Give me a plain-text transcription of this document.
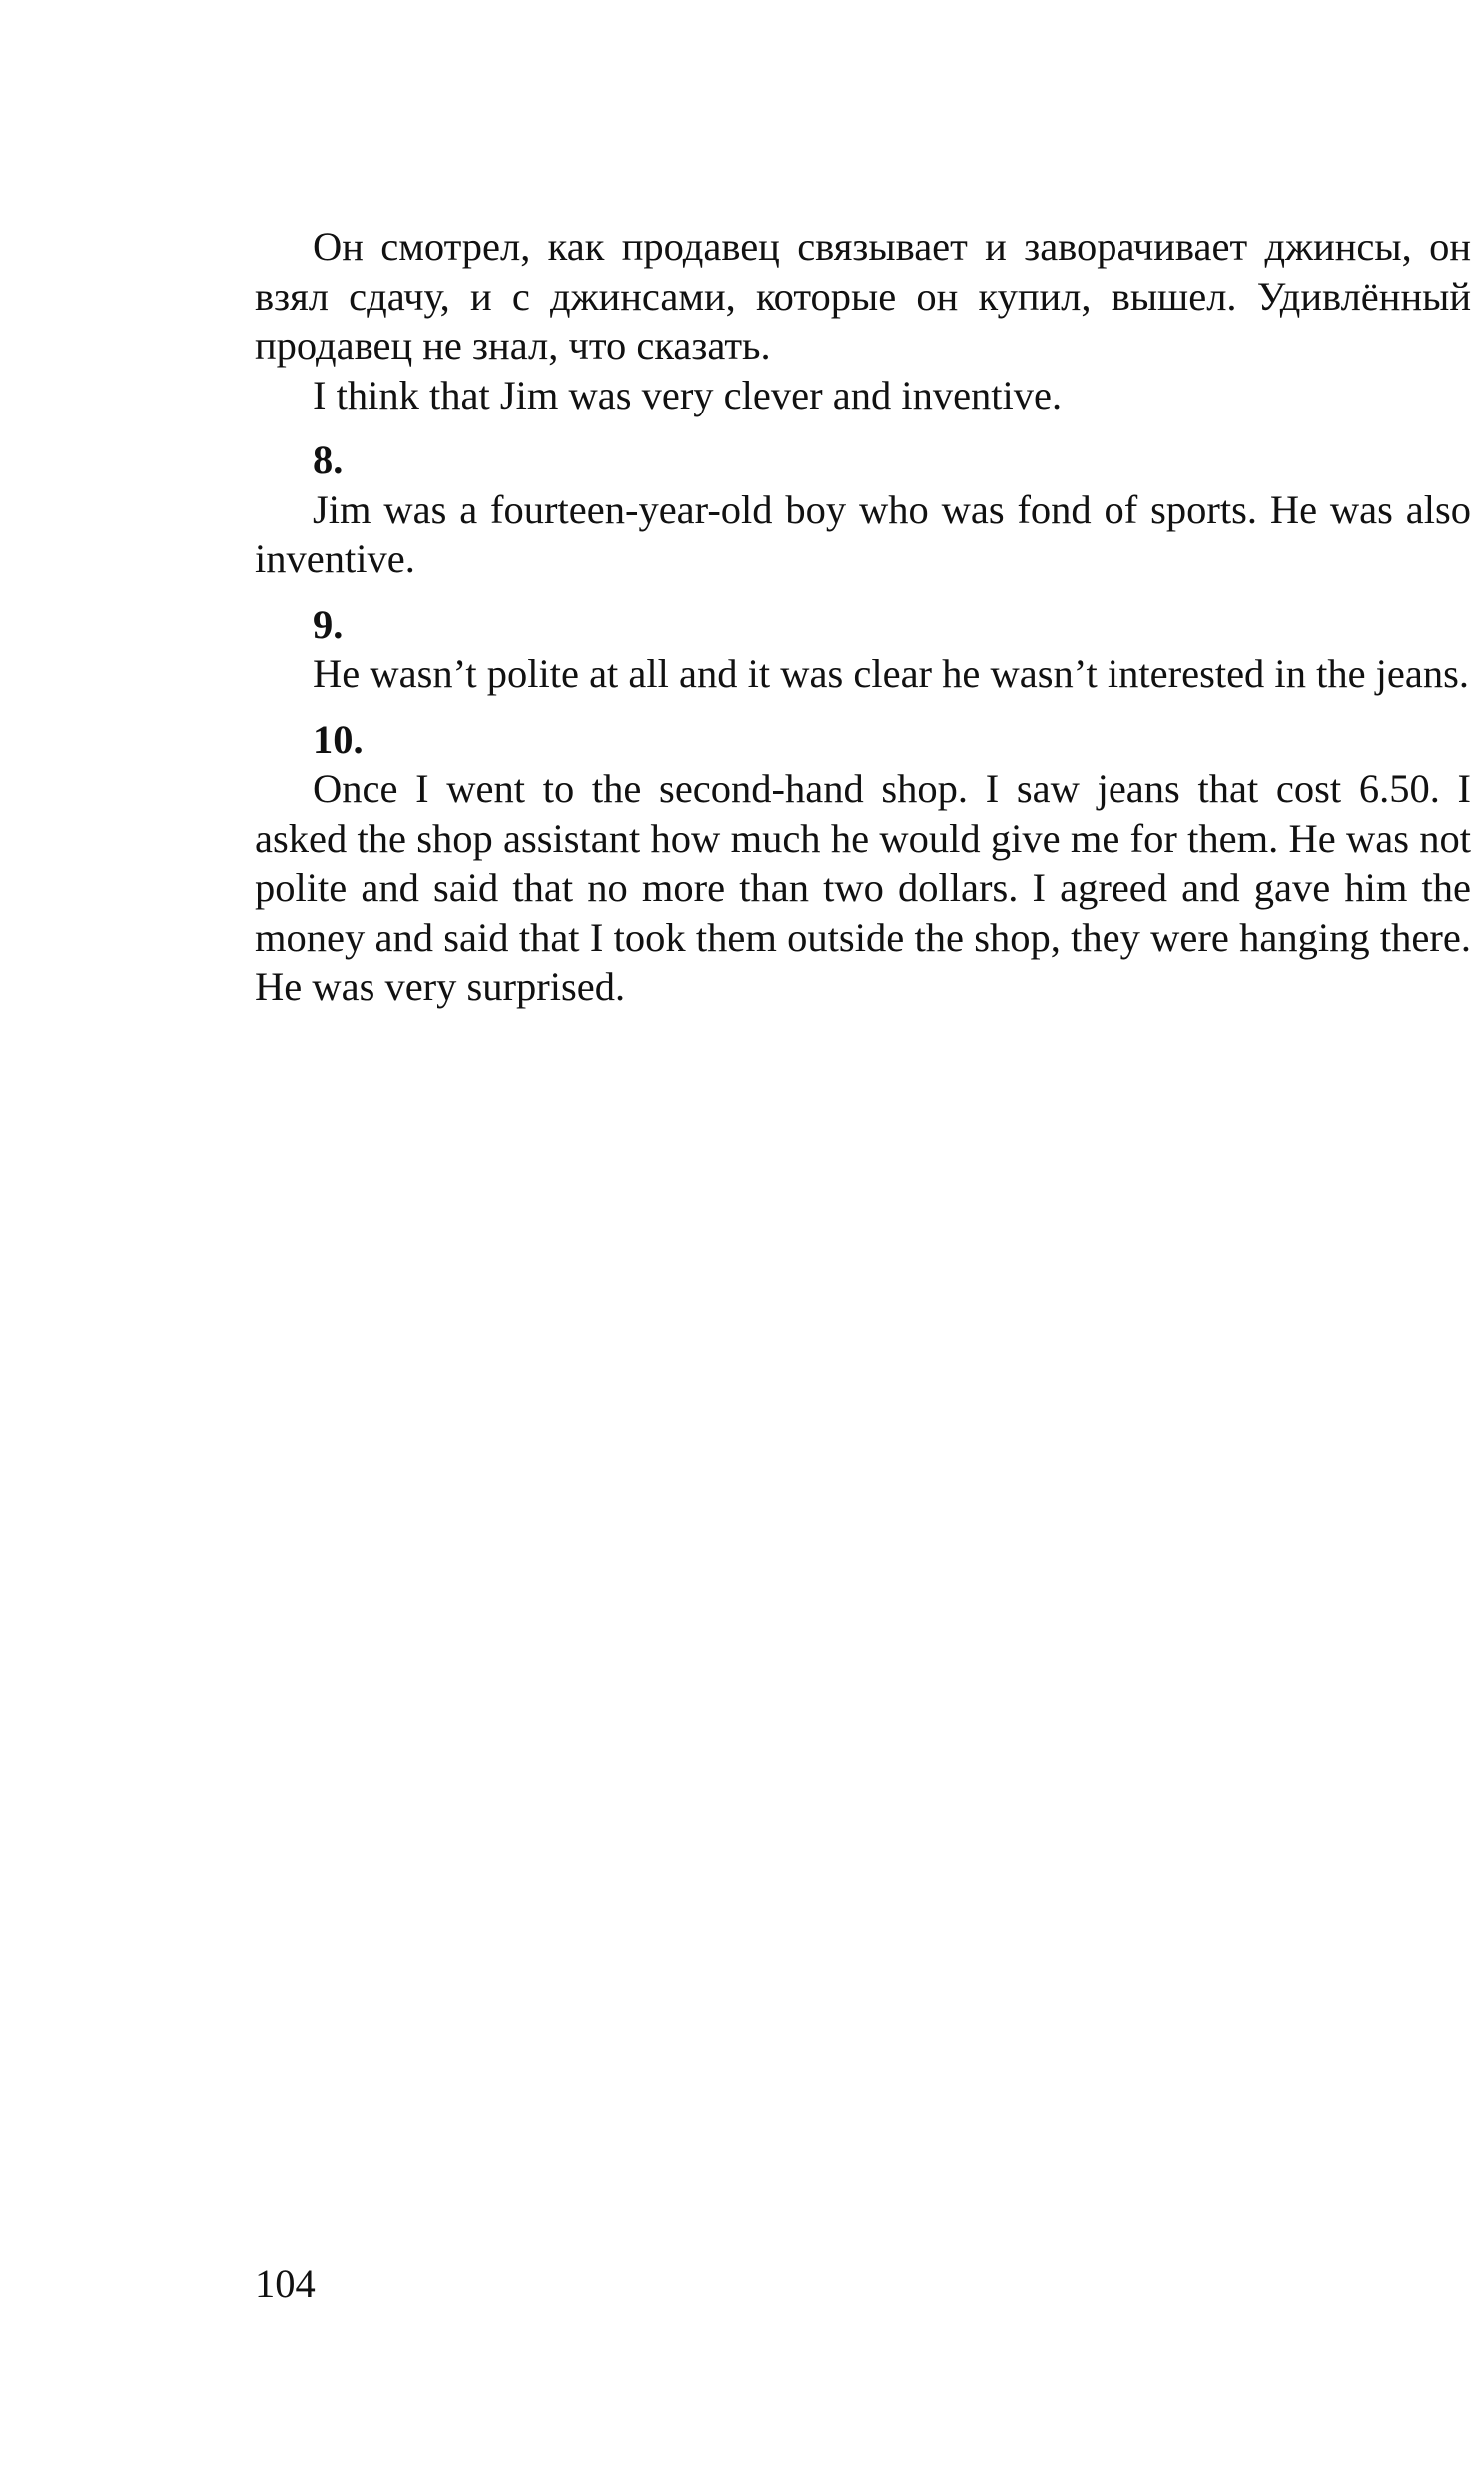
Он смотрел, как продавец связывает и заворачивает джинсы, он взял сдачу, и с джинсами, которые он купил, вышел. Удивлённый продавец не знал, что сказать.

I think that Jim was very clever and inventive.

8.

Jim was a fourteen-year-old boy who was fond of sports. He was also inventive.

9.

He wasn’t polite at all and it was clear he wasn’t interested in the jeans.

10.

Once I went to the second-hand shop. I saw jeans that cost 6.50. I asked the shop assistant how much he would give me for them. He was not polite and said that no more than two dollars. I agreed and gave him the money and said that I took them outside the shop, they were hanging there. He was very surprised.

104
